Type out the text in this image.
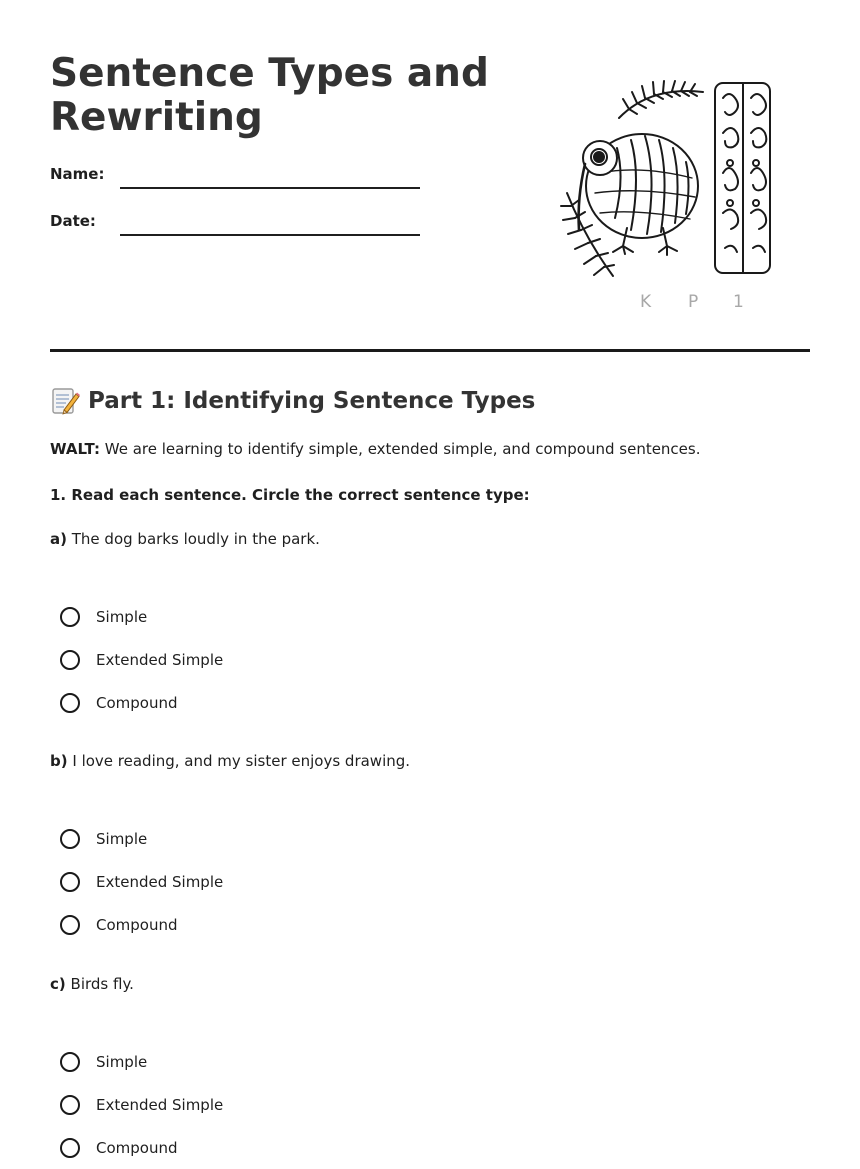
Sentence Types and Rewriting
Name:
Date:
K P 1
Part 1: Identifying Sentence Types
WALT: We are learning to identify simple, extended simple, and compound sentences.
1. Read each sentence. Circle the correct sentence type:
a) The dog barks loudly in the park.
Simple
Extended Simple
Compound
b) I love reading, and my sister enjoys drawing.
Simple
Extended Simple
Compound
c) Birds fly.
Simple
Extended Simple
Compound
